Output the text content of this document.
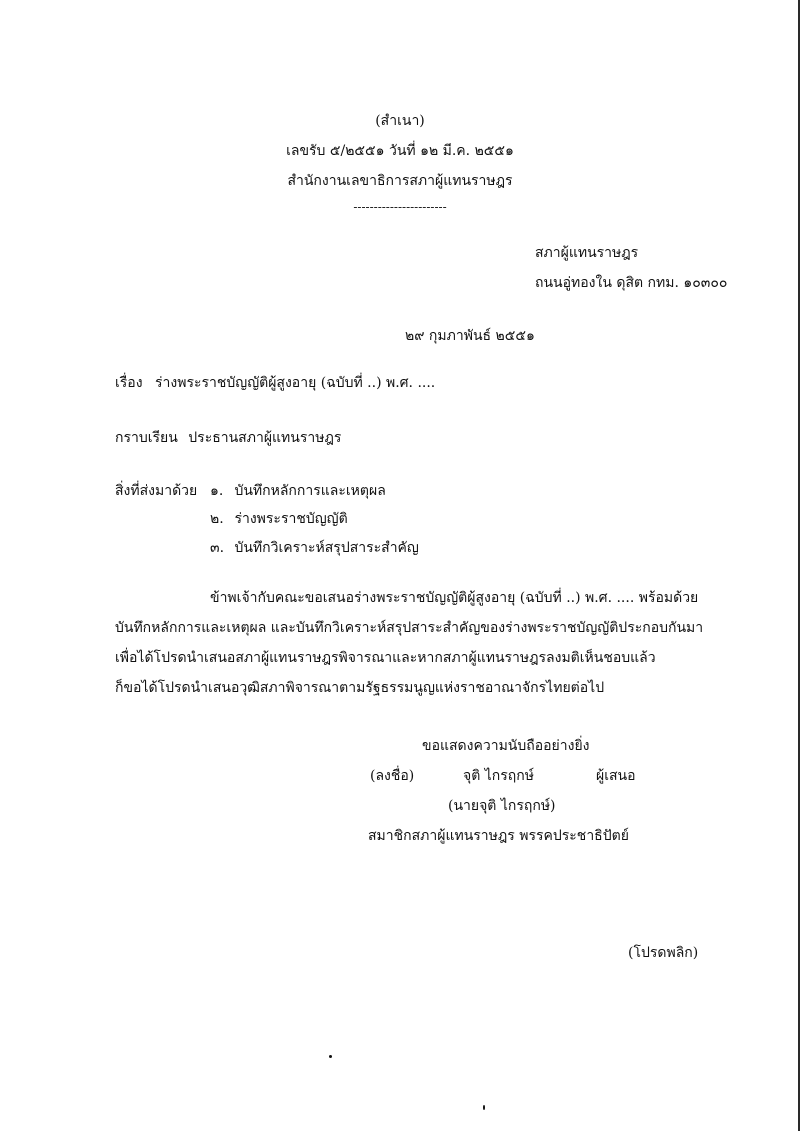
(สำเนา)
เลขรับ ๕/๒๕๕๑ วันที่ ๑๒ มี.ค. ๒๕๕๑
สำนักงานเลขาธิการสภาผู้แทนราษฎร
-----------------------
สภาผู้แทนราษฎร
ถนนอู่ทองใน ดุสิต กทม. ๑๐๓๐๐
๒๙ กุมภาพันธ์ ๒๕๕๑
เรื่อง ร่างพระราชบัญญัติผู้สูงอายุ (ฉบับที่ ..) พ.ศ. ....
กราบเรียน ประธานสภาผู้แทนราษฎร
สิ่งที่ส่งมาด้วย ๑. บันทึกหลักการและเหตุผล
๒. ร่างพระราชบัญญัติ
๓. บันทึกวิเคราะห์สรุปสาระสำคัญ
ข้าพเจ้ากับคณะขอเสนอร่างพระราชบัญญัติผู้สูงอายุ (ฉบับที่ ..) พ.ศ. .... พร้อมด้วย
บันทึกหลักการและเหตุผล และบันทึกวิเคราะห์สรุปสาระสำคัญของร่างพระราชบัญญัติประกอบกันมา
เพื่อได้โปรดนำเสนอสภาผู้แทนราษฎรพิจารณาและหากสภาผู้แทนราษฎรลงมติเห็นชอบแล้ว
ก็ขอได้โปรดนำเสนอวุฒิสภาพิจารณาตามรัฐธรรมนูญแห่งราชอาณาจักรไทยต่อไป
ขอแสดงความนับถืออย่างยิ่ง
(ลงชื่อ)	จุติ ไกรฤกษ์	ผู้เสนอ
(นายจุติ ไกรฤกษ์)
สมาชิกสภาผู้แทนราษฎร พรรคประชาธิปัตย์
(โปรดพลิก)
